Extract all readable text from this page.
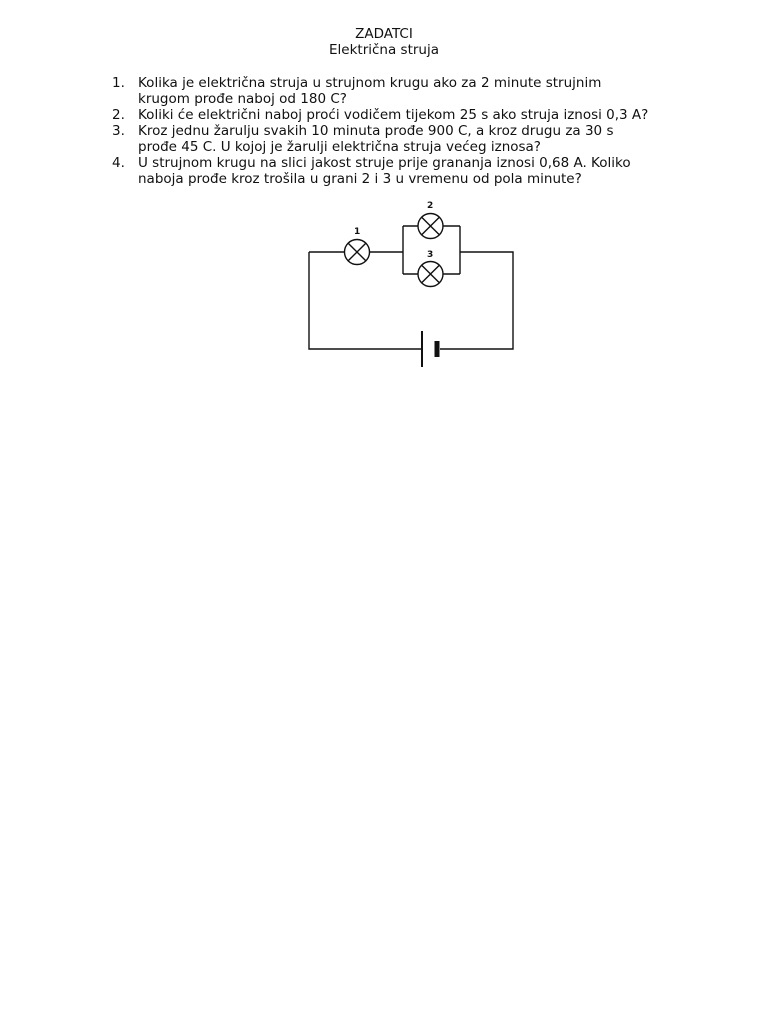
ZADATCI
Električna struja
1. Kolika je električna struja u strujnom krugu ako za 2 minute strujnim
krugom prođe naboj od 180 C?
2. Koliki će električni naboj proći vodičem tijekom 25 s ako struja iznosi 0,3 A?
3. Kroz jednu žarulju svakih 10 minuta prođe 900 C, a kroz drugu za 30 s
prođe 45 C. U kojoj je žarulji električna struja većeg iznosa?
4. U strujnom krugu na slici jakost struje prije grananja iznosi 0,68 A. Koliko
naboja prođe kroz trošila u grani 2 i 3 u vremenu od pola minute?
1
2
3
